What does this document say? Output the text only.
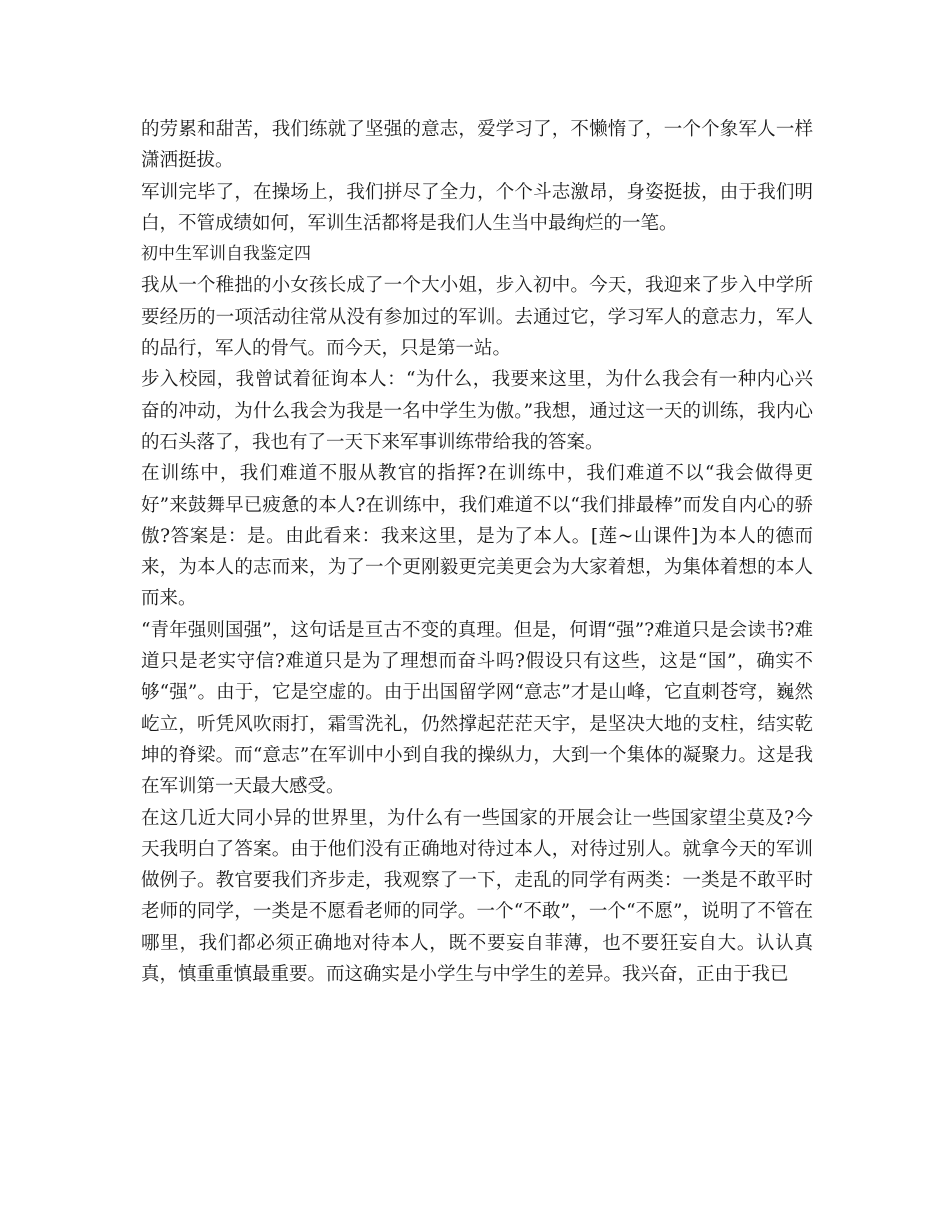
的劳累和甜苦，我们练就了坚强的意志，爱学习了，不懒惰了，一个个象军人一样潇洒挺拔。

军训完毕了，在操场上，我们拼尽了全力，个个斗志激昂，身姿挺拔，由于我们明白，不管成绩如何，军训生活都将是我们人生当中最绚烂的一笔。

初中生军训自我鉴定四

我从一个稚拙的小女孩长成了一个大小姐，步入初中。今天，我迎来了步入中学所要经历的一项活动往常从没有参加过的军训。去通过它，学习军人的意志力，军人的品行，军人的骨气。而今天，只是第一站。

步入校园，我曾试着征询本人：“为什么，我要来这里，为什么我会有一种内心兴奋的冲动，为什么我会为我是一名中学生为傲。”我想，通过这一天的训练，我内心的石头落了，我也有了一天下来军事训练带给我的答案。

在训练中，我们难道不服从教官的指挥?在训练中，我们难道不以“我会做得更好”来鼓舞早已疲惫的本人?在训练中，我们难道不以“我们排最棒”而发自内心的骄傲?答案是：是。由此看来：我来这里，是为了本人。[莲~山课件]为本人的德而来，为本人的志而来，为了一个更刚毅更完美更会为大家着想，为集体着想的本人而来。

“青年强则国强”，这句话是亘古不变的真理。但是，何谓“强”?难道只是会读书?难道只是老实守信?难道只是为了理想而奋斗吗?假设只有这些，这是“国”，确实不够“强”。由于，它是空虚的。由于出国留学网“意志”才是山峰，它直刺苍穹，巍然屹立，听凭风吹雨打，霜雪洗礼，仍然撑起茫茫天宇，是坚决大地的支柱，结实乾坤的脊梁。而“意志”在军训中小到自我的操纵力，大到一个集体的凝聚力。这是我在军训第一天最大感受。

在这几近大同小异的世界里，为什么有一些国家的开展会让一些国家望尘莫及?今天我明白了答案。由于他们没有正确地对待过本人，对待过别人。就拿今天的军训做例子。教官要我们齐步走，我观察了一下，走乱的同学有两类：一类是不敢平时老师的同学，一类是不愿看老师的同学。一个“不敢”，一个“不愿”，说明了不管在哪里，我们都必须正确地对待本人，既不要妄自菲薄，也不要狂妄自大。认认真真，慎重重慎最重要。而这确实是小学生与中学生的差异。我兴奋，正由于我已
